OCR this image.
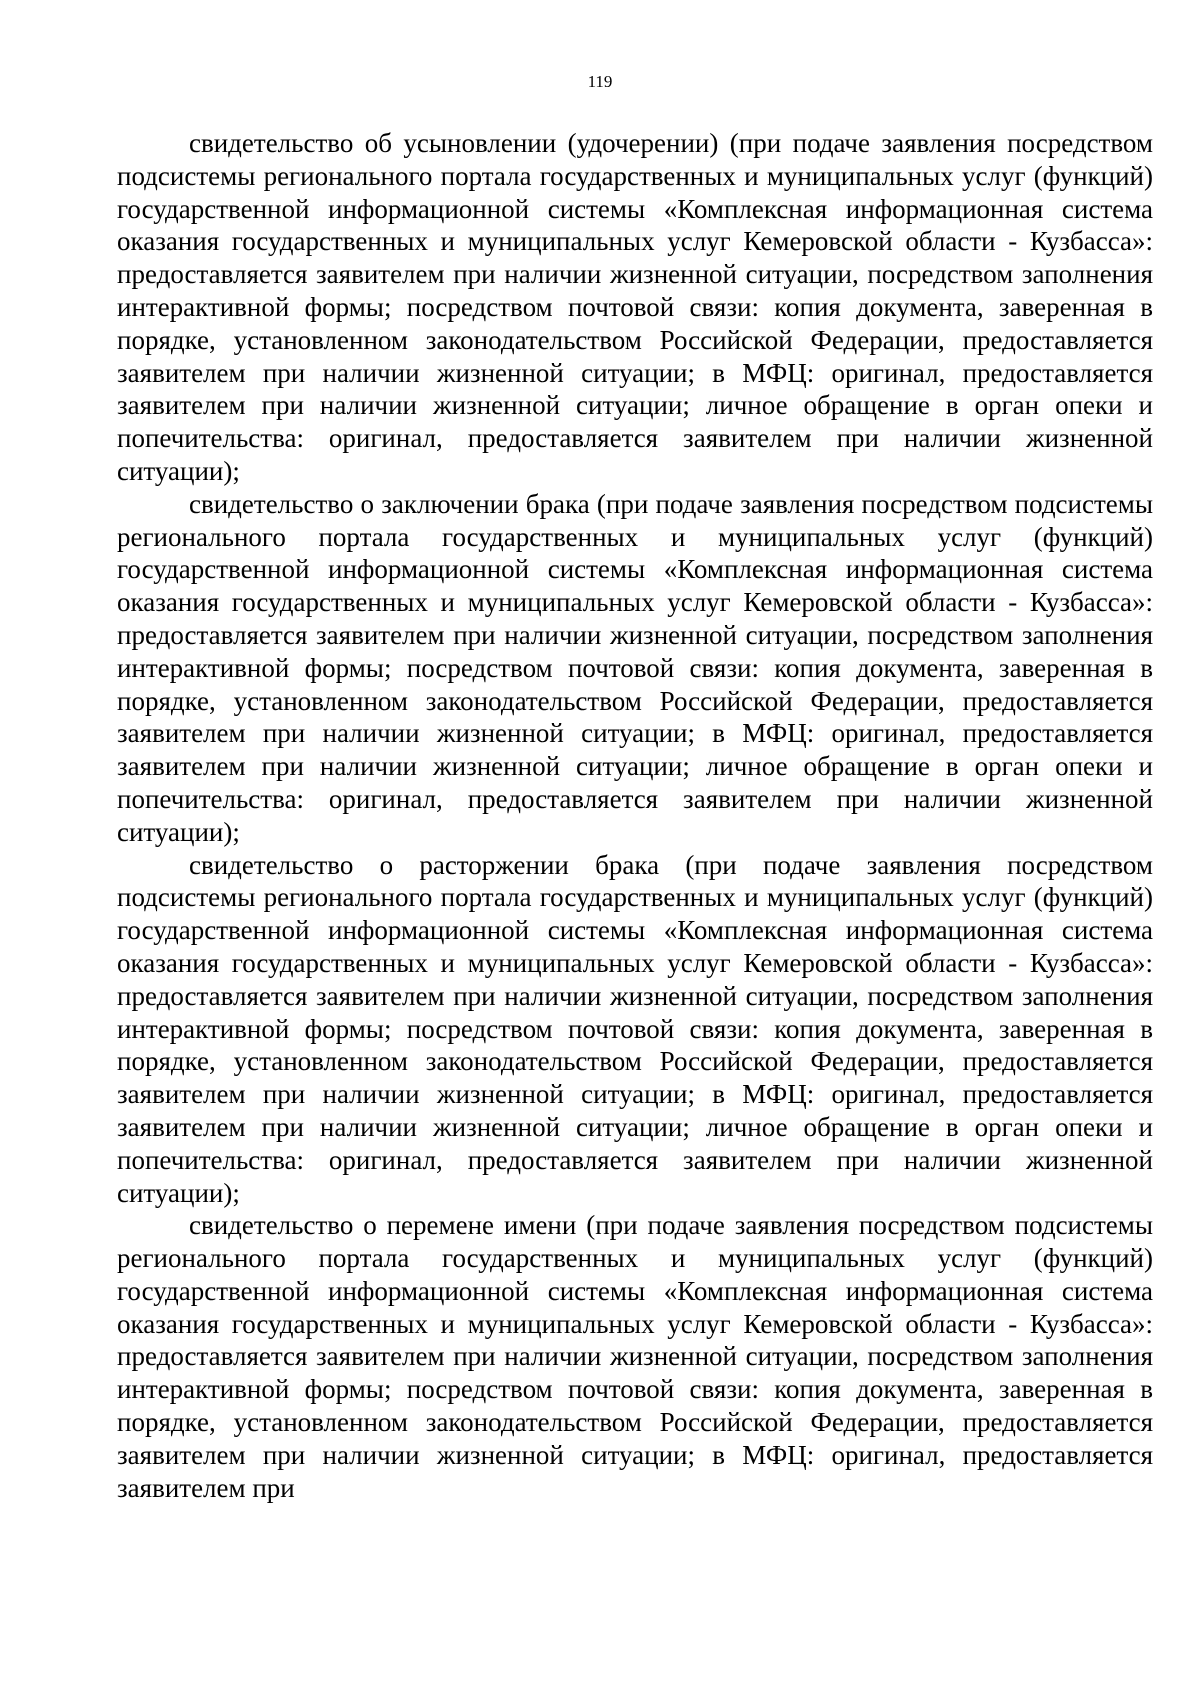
119

свидетельство об усыновлении (удочерении) (при подаче заявления посредством подсистемы регионального портала государственных и муниципальных услуг (функций) государственной информационной системы «Комплексная информационная система оказания государственных и муниципальных услуг Кемеровской области - Кузбасса»: предоставляется заявителем при наличии жизненной ситуации, посредством заполнения интерактивной формы; посредством почтовой связи: копия документа, заверенная в порядке, установленном законодательством Российской Федерации, предоставляется заявителем при наличии жизненной ситуации; в МФЦ: оригинал, предоставляется заявителем при наличии жизненной ситуации; личное обращение в орган опеки и попечительства: оригинал, предоставляется заявителем при наличии жизненной ситуации);

свидетельство о заключении брака (при подаче заявления посредством подсистемы регионального портала государственных и муниципальных услуг (функций) государственной информационной системы «Комплексная информационная система оказания государственных и муниципальных услуг Кемеровской области - Кузбасса»: предоставляется заявителем при наличии жизненной ситуации, посредством заполнения интерактивной формы; посредством почтовой связи: копия документа, заверенная в порядке, установленном законодательством Российской Федерации, предоставляется заявителем при наличии жизненной ситуации; в МФЦ: оригинал, предоставляется заявителем при наличии жизненной ситуации; личное обращение в орган опеки и попечительства: оригинал, предоставляется заявителем при наличии жизненной ситуации);

свидетельство о расторжении брака (при подаче заявления посредством подсистемы регионального портала государственных и муниципальных услуг (функций) государственной информационной системы «Комплексная информационная система оказания государственных и муниципальных услуг Кемеровской области - Кузбасса»: предоставляется заявителем при наличии жизненной ситуации, посредством заполнения интерактивной формы; посредством почтовой связи: копия документа, заверенная в порядке, установленном законодательством Российской Федерации, предоставляется заявителем при наличии жизненной ситуации; в МФЦ: оригинал, предоставляется заявителем при наличии жизненной ситуации; личное обращение в орган опеки и попечительства: оригинал, предоставляется заявителем при наличии жизненной ситуации);

свидетельство о перемене имени (при подаче заявления посредством подсистемы регионального портала государственных и муниципальных услуг (функций) государственной информационной системы «Комплексная информационная система оказания государственных и муниципальных услуг Кемеровской области - Кузбасса»: предоставляется заявителем при наличии жизненной ситуации, посредством заполнения интерактивной формы; посредством почтовой связи: копия документа, заверенная в порядке, установленном законодательством Российской Федерации, предоставляется заявителем при наличии жизненной ситуации; в МФЦ: оригинал, предоставляется заявителем при
